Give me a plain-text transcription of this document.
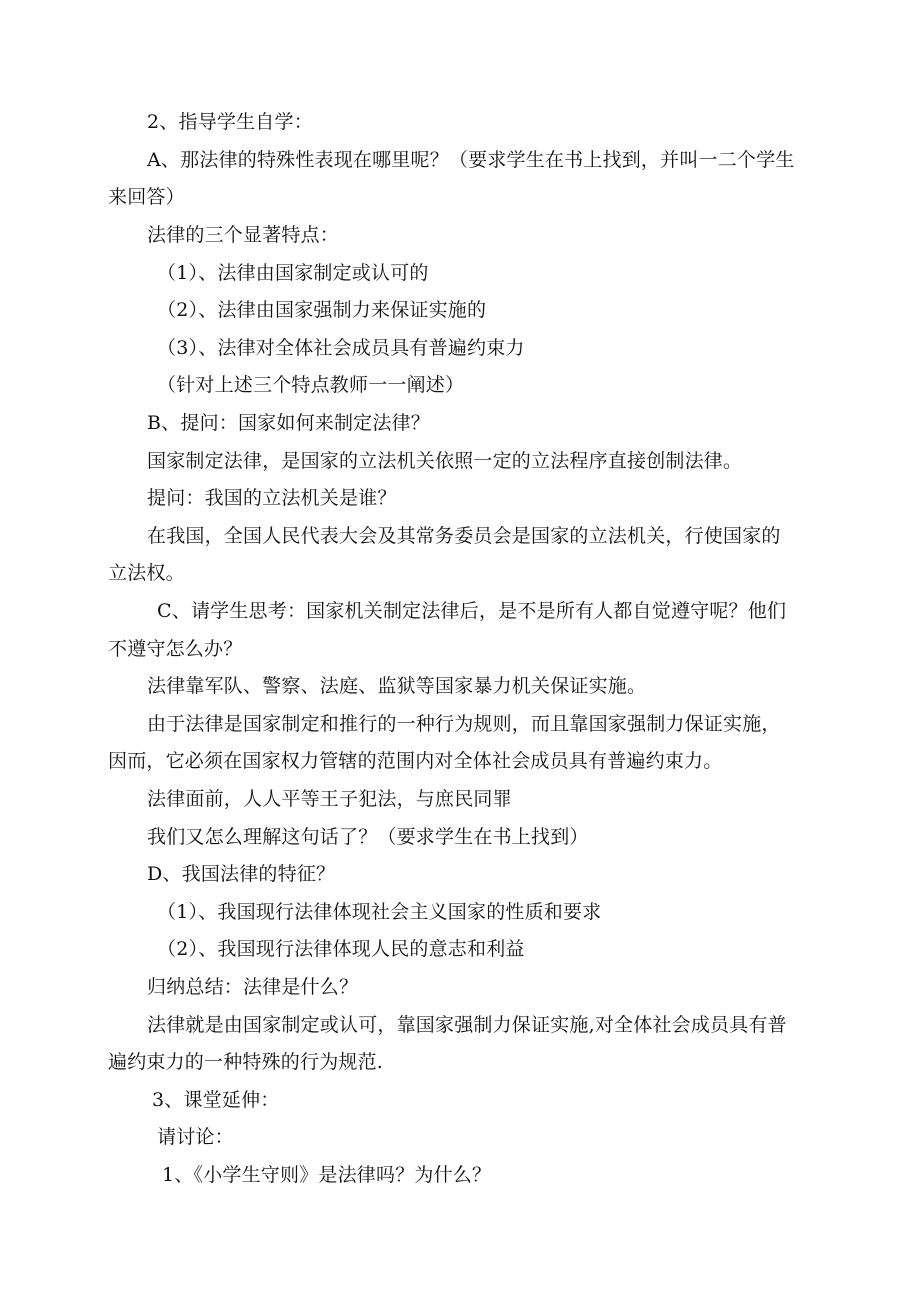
2、指导学生自学：
A、那法律的特殊性表现在哪里呢？（要求学生在书上找到，并叫一二个学生
来回答）
法律的三个显著特点：
（1）、法律由国家制定或认可的
（2）、法律由国家强制力来保证实施的
（3）、法律对全体社会成员具有普遍约束力
（针对上述三个特点教师一一阐述）
B、提问：国家如何来制定法律？
国家制定法律，是国家的立法机关依照一定的立法程序直接创制法律。
提问：我国的立法机关是谁？
在我国，全国人民代表大会及其常务委员会是国家的立法机关，行使国家的
立法权。
C、请学生思考：国家机关制定法律后，是不是所有人都自觉遵守呢？他们
不遵守怎么办？
法律靠军队、警察、法庭、监狱等国家暴力机关保证实施。
由于法律是国家制定和推行的一种行为规则，而且靠国家强制力保证实施，
因而，它必须在国家权力管辖的范围内对全体社会成员具有普遍约束力。
法律面前，人人平等王子犯法，与庶民同罪
我们又怎么理解这句话了？（要求学生在书上找到）
D、我国法律的特征？
（1）、我国现行法律体现社会主义国家的性质和要求
（2）、我国现行法律体现人民的意志和利益
归纳总结：法律是什么？
法律就是由国家制定或认可，靠国家强制力保证实施,对全体社会成员具有普
遍约束力的一种特殊的行为规范.
3、课堂延伸：
请讨论：
1、《小学生守则》是法律吗？为什么？
